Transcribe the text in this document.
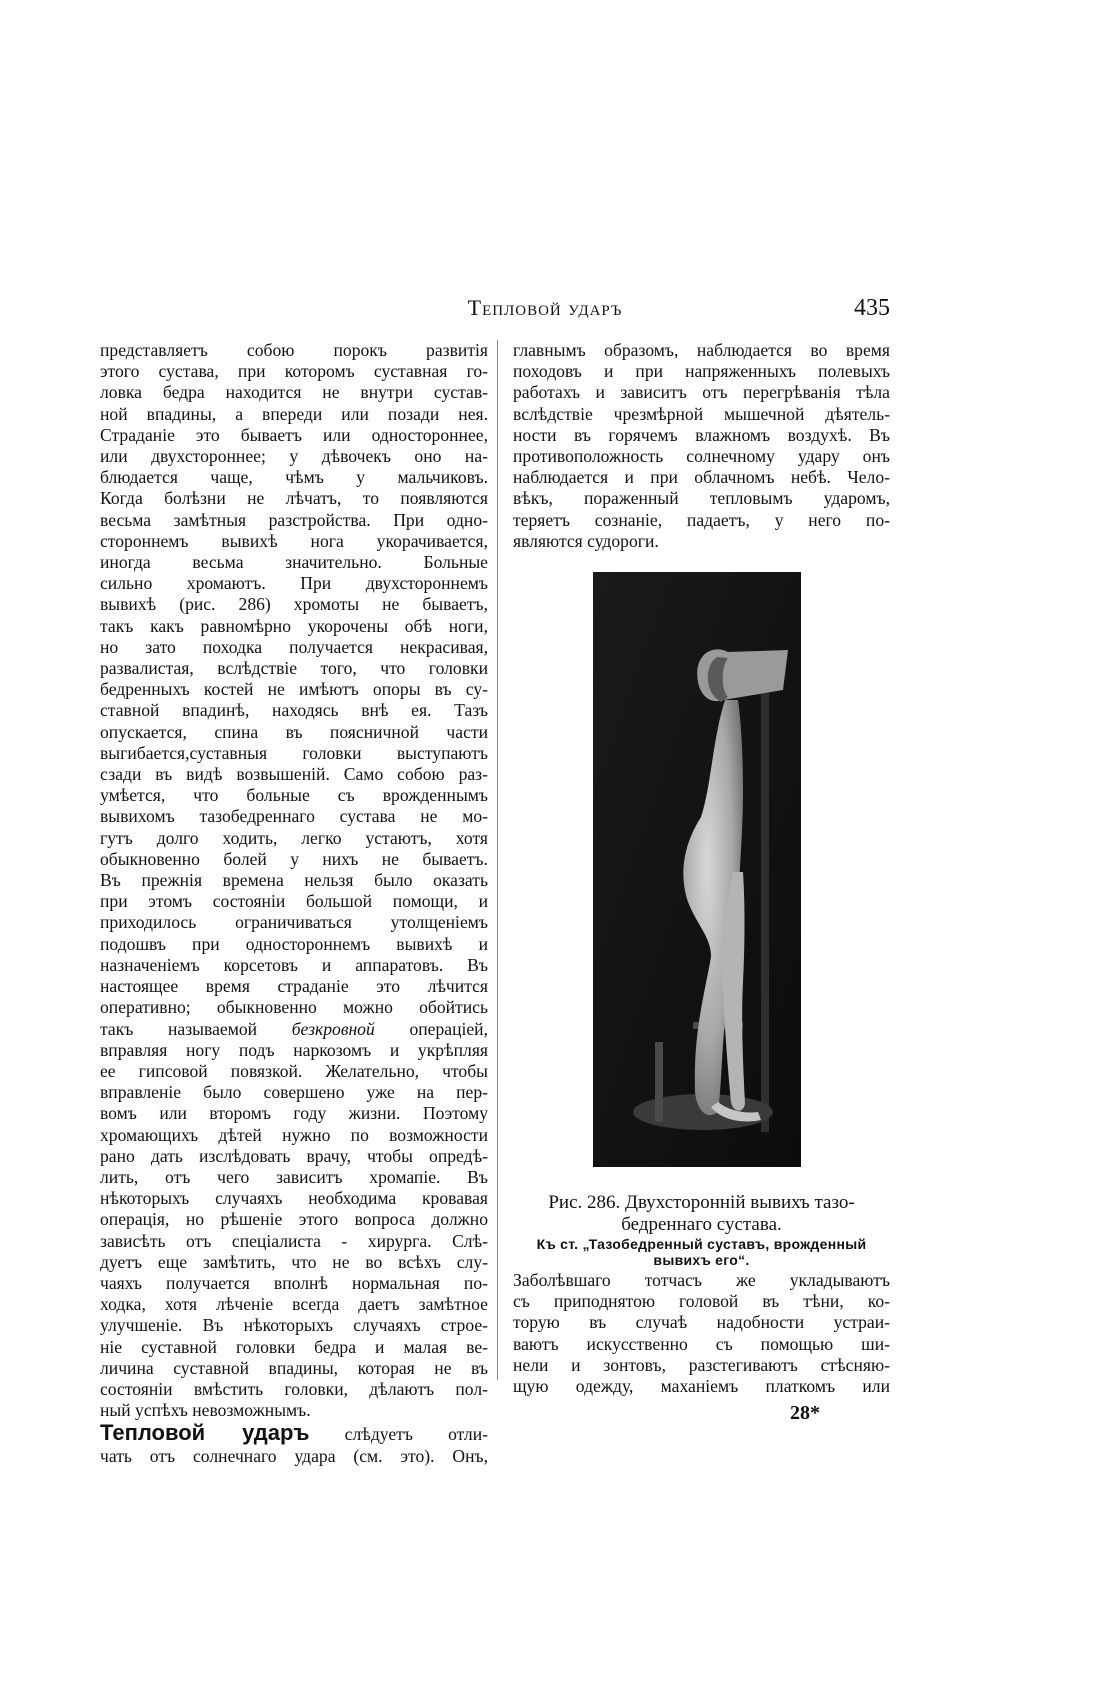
Тепловой ударъ	435
представляетъ собою порокъ развитія
этого сустава, при которомъ суставная го-
ловка бедра находится не внутри сустав-
ной впадины, а впереди или позади нея.
Страданіе это бываетъ или одностороннее,
или двухстороннее; у дѣвочекъ оно на-
блюдается чаще, чѣмъ у мальчиковъ.
Когда болѣзни не лѣчатъ, то появляются
весьма замѣтныя разстройства. При одно-
стороннемъ вывихѣ нога укорачивается,
иногда весьма значительно. Больные
сильно хромаютъ. При двухстороннемъ
вывихѣ (рис. 286) хромоты не бываетъ,
такъ какъ равномѣрно укорочены обѣ ноги,
но зато походка получается некрасивая,
развалистая, вслѣдствіе того, что головки
бедренныхъ костей не имѣютъ опоры въ су-
ставной впадинѣ, находясь внѣ ея. Тазъ
опускается, спина въ поясничной части
выгибается,суставныя головки выступаютъ
сзади въ видѣ возвышеній. Само собою раз-
умѣется, что больные съ врожденнымъ
вывихомъ тазобедреннаго сустава не мо-
гутъ долго ходить, легко устаютъ, хотя
обыкновенно болей у нихъ не бываетъ.
Въ прежнія времена нельзя было оказать
при этомъ состояніи большой помощи, и
приходилось ограничиваться утолщеніемъ
подошвъ при одностороннемъ вывихѣ и
назначеніемъ корсетовъ и аппаратовъ. Въ
настоящее время страданіе это лѣчится
оперативно; обыкновенно можно обойтись
такъ называемой безкровной операціей,
вправляя ногу подъ наркозомъ и укрѣпляя
ее гипсовой повязкой. Желательно, чтобы
вправленіе было совершено уже на пер-
вомъ или второмъ году жизни. Поэтому
хромающихъ дѣтей нужно по возможности
рано дать изслѣдовать врачу, чтобы опредѣ-
лить, отъ чего зависитъ хромапіе. Въ
нѣкоторыхъ случаяхъ необходима кровавая
операція, но рѣшеніе этого вопроса должно
зависѣть отъ спеціалиста - хирурга. Слѣ-
дуетъ еще замѣтить, что не во всѣхъ слу-
чаяхъ получается вполнѣ нормальная по-
ходка, хотя лѣченіе всегда даетъ замѣтное
улучшеніе. Въ нѣкоторыхъ случаяхъ строе-
ніе суставной головки бедра и малая ве-
личина суставной впадины, которая не въ
состояніи вмѣстить головки, дѣлаютъ пол-
ный успѣхъ невозможнымъ.
Тепловой ударъ слѣдуетъ отли-
чать отъ солнечнаго удара (см. это). Онъ,
главнымъ образомъ, наблюдается во время
походовъ и при напряженныхъ полевыхъ
работахъ и зависитъ отъ перегрѣванія тѣла
вслѣдствіе чрезмѣрной мышечной дѣятель-
ности въ горячемъ влажномъ воздухѣ. Въ
противоположность солнечному удару онъ
наблюдается и при облачномъ небѣ. Чело-
вѣкъ, пораженный тепловымъ ударомъ,
теряетъ сознаніе, падаетъ, у него по-
являются судороги.
Рис. 286. Двухсторонній вывихъ тазо-
бедреннаго сустава.
Къ ст. „Тазобедренный суставъ, врожденный
вывихъ его“.
Заболѣвшаго тотчасъ же укладываютъ
съ приподнятою головой въ тѣни, ко-
торую въ случаѣ надобности устраи-
ваютъ искусственно съ помощью ши-
нели и зонтовъ, разстегиваютъ стѣсняю-
щую одежду, маханіемъ платкомъ или
28*
